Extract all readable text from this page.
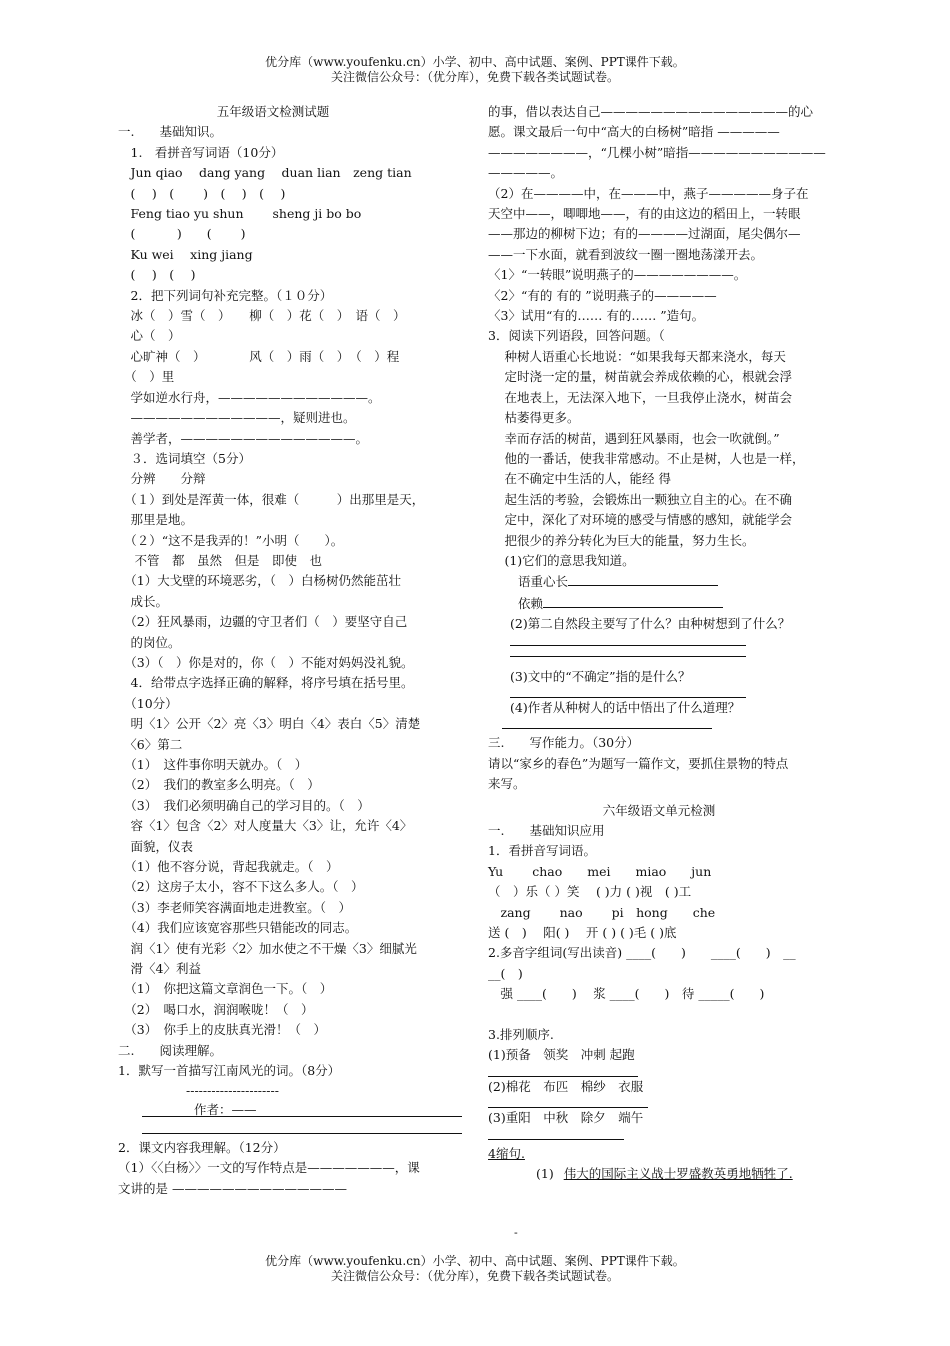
优分库（www.youfenku.cn）小学、初中、高中试题、案例、PPT课件下载。
关注微信公众号：（优分库），免费下载各类试题试卷。
五年级语文检测试题
一.　　基础知识。
　1.　看拼音写词语（10分）
　Jun qiao　 dang yang　 duan lian　zeng tian
　(　 )　(　　 )　(　 )　(　 )
　Feng tiao yu shun　　 sheng ji bo bo
　(　　　 )　　(　　 )
　Ku wei　 xing jiang
　(　 )　(　 )
　2．把下列词句补充完整。（１０分）
　冰（　）雪（　）　　柳（　）花（　）　语（　）
　心（　）
　心旷神（　）　　　　风（　）雨（　）　（　）程
　（　）里
　学如逆水行舟，————————————。
　————————————，疑则进也。
　善学者，——————————————。
　３．选词填空（5分）
　分辨　　分辩
　（１）到处是浑黄一体，很难（　　　）出那里是天，
　那里是地。
　（２）“这不是我弄的！”小明（　　）。
　 不管　都　虽然　但是　即使　也
　（1）大戈壁的环境恶劣，（　）白杨树仍然能茁壮
　成长。
　（2）狂风暴雨，边疆的守卫者们（　）要坚守自己
　的岗位。
　（3）（　）你是对的，你（　）不能对妈妈没礼貌。
　4．给带点字选择正确的解释，将序号填在括号里。
　（10分）
　明〈1〉公开〈2〉亮〈3〉明白〈4〉表白〈5〉清楚
　〈6〉第二
　（1）　这件事你明天就办。（　）
　（2）　我们的教室多么明亮。（　）
　（3）　我们必须明确自己的学习目的。（　）
　容〈1〉包含〈2〉对人度量大〈3〉让，允许〈4〉
　面貌，仪表
　（1）他不容分说，背起我就走。（　）
　（2）这房子太小，容不下这么多人。（　）
　（3）李老师笑容满面地走进教室。（　）
　（4）我们应该宽容那些只错能改的同志。
　润〈1〉使有光彩〈2〉加水使之不干燥〈3〉细腻光
　滑〈4〉利益
　（1）　你把这篇文章润色一下。（　）
　（2）　喝口水，润润喉咙！（　）
　（3）　你手上的皮肤真光滑！（　）
二.　　阅读理解。
1．默写一首描写江南风光的词。（8分）
----------------------
作者：——
2．课文内容我理解。（12分）
（1）〈〈白杨〉〉一文的写作特点是———————，课
文讲的是 ——————————————
的事，借以表达自己———————————————的心
愿。课文最后一句中“高大的白杨树”暗指 —————
————————，“几棵小树”暗指———————————
—————。
（2）在————中，在———中，燕子—————身子在
天空中——，唧唧地——，有的由这边的稻田上，一转眼
——那边的柳树下边；有的————过湖面，尾尖偶尔—
——一下水面，就看到波纹一圈一圈地荡漾开去。
〈1〉“一转眼”说明燕子的————————。
〈2〉“有的 有的 ”说明燕子的—————
〈3〉试用“有的…… 有的…… ”造句。
3．阅读下列语段，回答问题。（
　 种树人语重心长地说：“如果我每天都来浇水，每天
　 定时浇一定的量，树苗就会养成依赖的心，根就会浮
　 在地表上，无法深入地下，一旦我停止浇水，树苗会
　 枯萎得更多。
　 幸而存活的树苗，遇到狂风暴雨，也会一吹就倒。”
　 他的一番话，使我非常感动。不止是树，人也是一样，
　 在不确定中生活的人，能经 得
　 起生活的考验，会锻炼出一颗独立自主的心。在不确
　 定中，深化了对环境的感受与情感的感知，就能学会
　 把很少的养分转化为巨大的能量，努力生长。
　 (1)它们的意思我知道。
语重心长
依赖
(2)第二自然段主要写了什么？由种树想到了什么？
(3)文中的“不确定”指的是什么？
(4)作者从种树人的话中悟出了什么道理？
三.　　写作能力。（30分）
请以“家乡的春色”为题写一篇作文，要抓住景物的特点
来写。
六年级语文单元检测
一.　　基础知识应用
1．看拼音写词语。
Yu　　 chao　　mei　　miao　　jun
（　）乐（ ）笑　 ( )力 ( )视　( )工
　zang　　 nao　　 pi　hong　　che
送 (　)　 阳( )　 开 ( ) ( )毛 ( )底
2.多音字组词(写出读音) ____(　　)　　____(　　)　__
__(　)
　强 ____(　　)　 浆 ____(　　)　待 _____(　　)
3.排列顺序.
(1)预备　领奖　冲刺 起跑
(2)棉花　布匹　棉纱　衣服
(3)重阳　中秋　除夕　端午
4缩句.
(1) 伟大的国际主义战士罗盛教英勇地牺牲了.
-
优分库（www.youfenku.cn）小学、初中、高中试题、案例、PPT课件下载。
关注微信公众号：（优分库），免费下载各类试题试卷。
